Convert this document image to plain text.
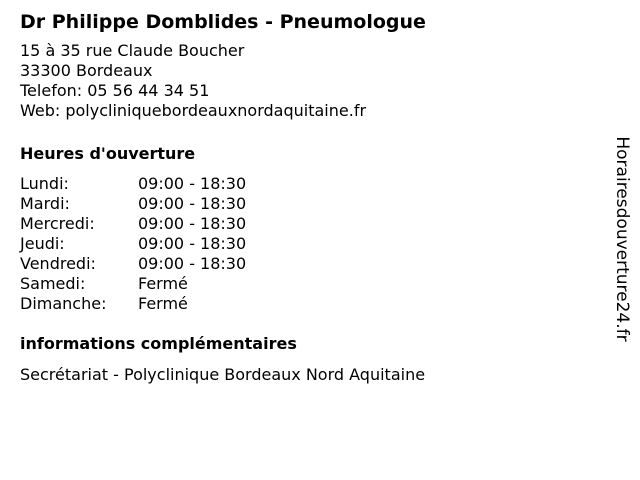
Dr Philippe Domblides - Pneumologue
15 à 35 rue Claude Boucher
33300 Bordeaux
Telefon: 05 56 44 34 51
Web: polycliniquebordeauxnordaquitaine.fr
Heures d'ouverture
Lundi:	09:00 - 18:30
Mardi:	09:00 - 18:30
Mercredi:	09:00 - 18:30
Jeudi:	09:00 - 18:30
Vendredi:	09:00 - 18:30
Samedi:	Fermé
Dimanche:	Fermé
informations complémentaires
Secrétariat - Polyclinique Bordeaux Nord Aquitaine
Horairesdouverture24.fr
